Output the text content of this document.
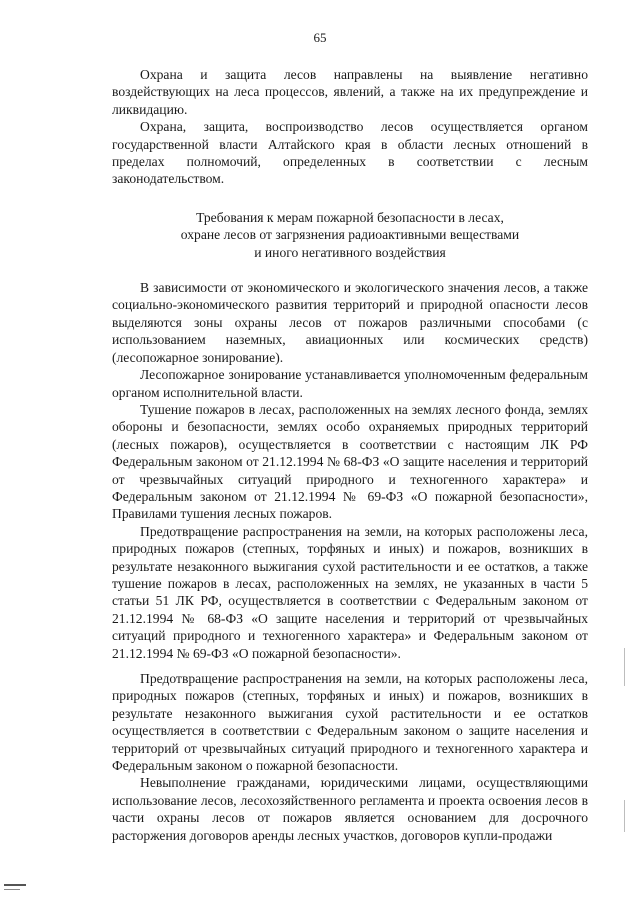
65

Охрана и защита лесов направлены на выявление негативно воздействующих на леса процессов, явлений, а также на их предупреждение и ликвидацию.

Охрана, защита, воспроизводство лесов осуществляется органом государственной власти Алтайского края в области лесных отношений в пределах полномочий, определенных в соответствии с лесным законодательством.

Требования к мерам пожарной безопасности в лесах,
охране лесов от загрязнения радиоактивными веществами
и иного негативного воздействия

В зависимости от экономического и экологического значения лесов, а также социально-экономического развития территорий и природной опасности лесов выделяются зоны охраны лесов от пожаров различными способами (с использованием наземных, авиационных или космических средств) (лесопожарное зонирование).

Лесопожарное зонирование устанавливается уполномоченным федеральным органом исполнительной власти.

Тушение пожаров в лесах, расположенных на землях лесного фонда, землях обороны и безопасности, землях особо охраняемых природных территорий (лесных пожаров), осуществляется в соответствии с настоящим ЛК РФ Федеральным законом от 21.12.1994 № 68-ФЗ «О защите населения и территорий от чрезвычайных ситуаций природного и техногенного характера» и Федеральным законом от 21.12.1994 № 69-ФЗ «О пожарной безопасности», Правилами тушения лесных пожаров.

Предотвращение распространения на земли, на которых расположены леса, природных пожаров (степных, торфяных и иных) и пожаров, возникших в результате незаконного выжигания сухой растительности и ее остатков, а также тушение пожаров в лесах, расположенных на землях, не указанных в части 5 статьи 51 ЛК РФ, осуществляется в соответствии с Федеральным законом от 21.12.1994 № 68-ФЗ «О защите населения и территорий от чрезвычайных ситуаций природного и техногенного характера» и Федеральным законом от 21.12.1994 № 69-ФЗ «О пожарной безопасности».

Предотвращение распространения на земли, на которых расположены леса, природных пожаров (степных, торфяных и иных) и пожаров, возникших в результате незаконного выжигания сухой растительности и ее остатков осуществляется в соответствии с Федеральным законом о защите населения и территорий от чрезвычайных ситуаций природного и техногенного характера и Федеральным законом о пожарной безопасности.

Невыполнение гражданами, юридическими лицами, осуществляющими использование лесов, лесохозяйственного регламента и проекта освоения лесов в части охраны лесов от пожаров является основанием для досрочного расторжения договоров аренды лесных участков, договоров купли-продажи
